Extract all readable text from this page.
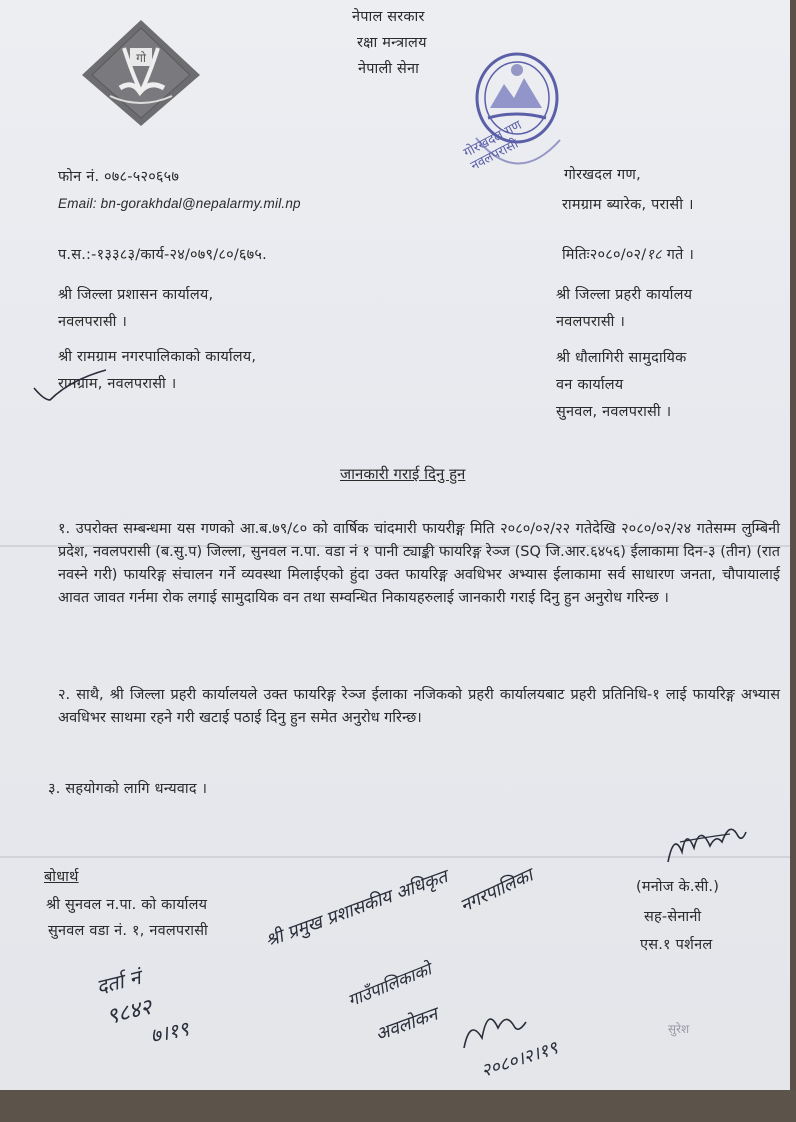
गो
नेपाल सरकार
रक्षा मन्त्रालय
नेपाली सेना
गोरखदल गण नवलपरासी
फोन नं. ०७८-५२०६५७
Email: bn-gorakhdal@nepalarmy.mil.np
गोरखदल गण,
रामग्राम ब्यारेक, परासी ।
प.स.:-१३३८३/कार्य-२४/०७९/८०/६७५.	मितिः२०८०/०२/१८ गते ।
श्री जिल्ला प्रशासन कार्यालय,
नवलपरासी ।
श्री रामग्राम नगरपालिकाको कार्यालय,
रामग्राम, नवलपरासी ।
श्री जिल्ला प्रहरी कार्यालय
नवलपरासी ।
श्री धौलागिरी सामुदायिक
वन कार्यालय
सुनवल, नवलपरासी ।
जानकारी गराई दिनु हुन
१. उपरोक्त सम्बन्धमा यस गणको आ.ब.७९/८० को वार्षिक चांदमारी फायरीङ्ग मिति २०८०/०२/२२ गतेदेखि २०८०/०२/२४ गतेसम्म लुम्बिनी प्रदेश, नवलपरासी (ब.सु.प) जिल्ला, सुनवल न.पा. वडा नं १ पानी ट्याङ्की फायरिङ्ग रेञ्ज (SQ जि.आर.६४५६) ईलाकामा दिन-३ (तीन) (रात नवस्ने गरी) फायरिङ्ग संचालन गर्ने व्यवस्था मिलाईएको हुंदा उक्त फायरिङ्ग अवधिभर अभ्यास ईलाकामा सर्व साधारण जनता, चौपायालाई आवत जावत गर्नमा रोक लगाई सामुदायिक वन तथा सम्वन्धित निकायहरुलाई जानकारी गराई दिनु हुन अनुरोध गरिन्छ ।
२. साथै, श्री जिल्ला प्रहरी कार्यालयले उक्त फायरिङ्ग रेञ्ज ईलाका नजिकको प्रहरी कार्यालयबाट प्रहरी प्रतिनिधि-१ लाई फायरिङ्ग अभ्यास अवधिभर साथमा रहने गरी खटाई पठाई दिनु हुन समेत अनुरोध गरिन्छ।
३. सहयोगको लागि धन्यवाद ।
(मनोज के.सी.)
सह-सेनानी
एस.१ पर्शनल
बोधार्थ
श्री सुनवल न.पा. को कार्यालय
सुनवल वडा नं. १, नवलपरासी
दर्ता नं
९८४२
७।१९
श्री प्रमुख प्रशासकीय अधिकृत
गाउँपालिकाको
नगरपालिका
अवलोकन
२०८०।२।१९
सुरेश
